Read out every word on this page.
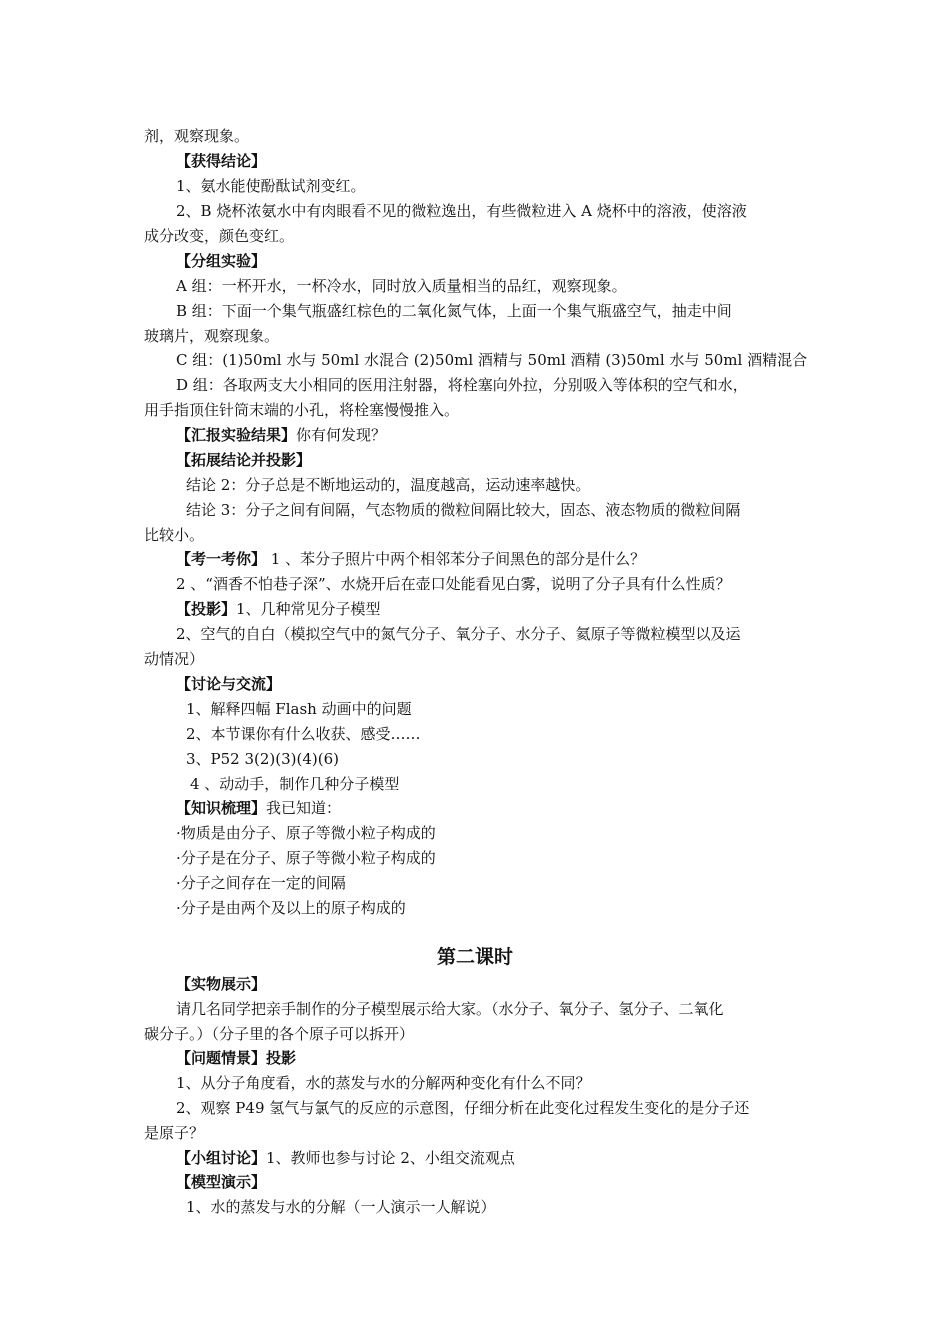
剂，观察现象。
【获得结论】
1、氨水能使酚酞试剂变红。
2、B 烧杯浓氨水中有肉眼看不见的微粒逸出，有些微粒进入 A 烧杯中的溶液，使溶液
成分改变，颜色变红。
【分组实验】
A 组：一杯开水，一杯冷水，同时放入质量相当的品红，观察现象。
B 组：下面一个集气瓶盛红棕色的二氧化氮气体，上面一个集气瓶盛空气，抽走中间
玻璃片，观察现象。
C 组：(1)50ml 水与 50ml 水混合 (2)50ml 酒精与 50ml 酒精 (3)50ml 水与 50ml 酒精混合
D 组：各取两支大小相同的医用注射器，将栓塞向外拉，分别吸入等体积的空气和水，
用手指顶住针筒末端的小孔，将栓塞慢慢推入。
【汇报实验结果】你有何发现？
【拓展结论并投影】
结论 2：分子总是不断地运动的，温度越高，运动速率越快。
结论 3：分子之间有间隔，气态物质的微粒间隔比较大，固态、液态物质的微粒间隔
比较小。
【考一考你】 1 、苯分子照片中两个相邻苯分子间黑色的部分是什么？
2 、“酒香不怕巷子深”、水烧开后在壶口处能看见白雾，说明了分子具有什么性质？
【投影】1、几种常见分子模型
2、空气的自白（模拟空气中的氮气分子、氧分子、水分子、氦原子等微粒模型以及运
动情况）
【讨论与交流】
1、解释四幅 Flash 动画中的问题
2、本节课你有什么收获、感受……
3、P52 3(2)(3)(4)(6)
4 、动动手，制作几种分子模型
【知识梳理】我已知道：
·物质是由分子、原子等微小粒子构成的
·分子是在分子、原子等微小粒子构成的
·分子之间存在一定的间隔
·分子是由两个及以上的原子构成的
第二课时
【实物展示】
请几名同学把亲手制作的分子模型展示给大家。（水分子、氧分子、氢分子、二氧化
碳分子。）（分子里的各个原子可以拆开）
【问题情景】投影
1、从分子角度看，水的蒸发与水的分解两种变化有什么不同？
2、观察 P49 氢气与氯气的反应的示意图，仔细分析在此变化过程发生变化的是分子还
是原子？
【小组讨论】1、教师也参与讨论 2、小组交流观点
【模型演示】
1、水的蒸发与水的分解（一人演示一人解说）
